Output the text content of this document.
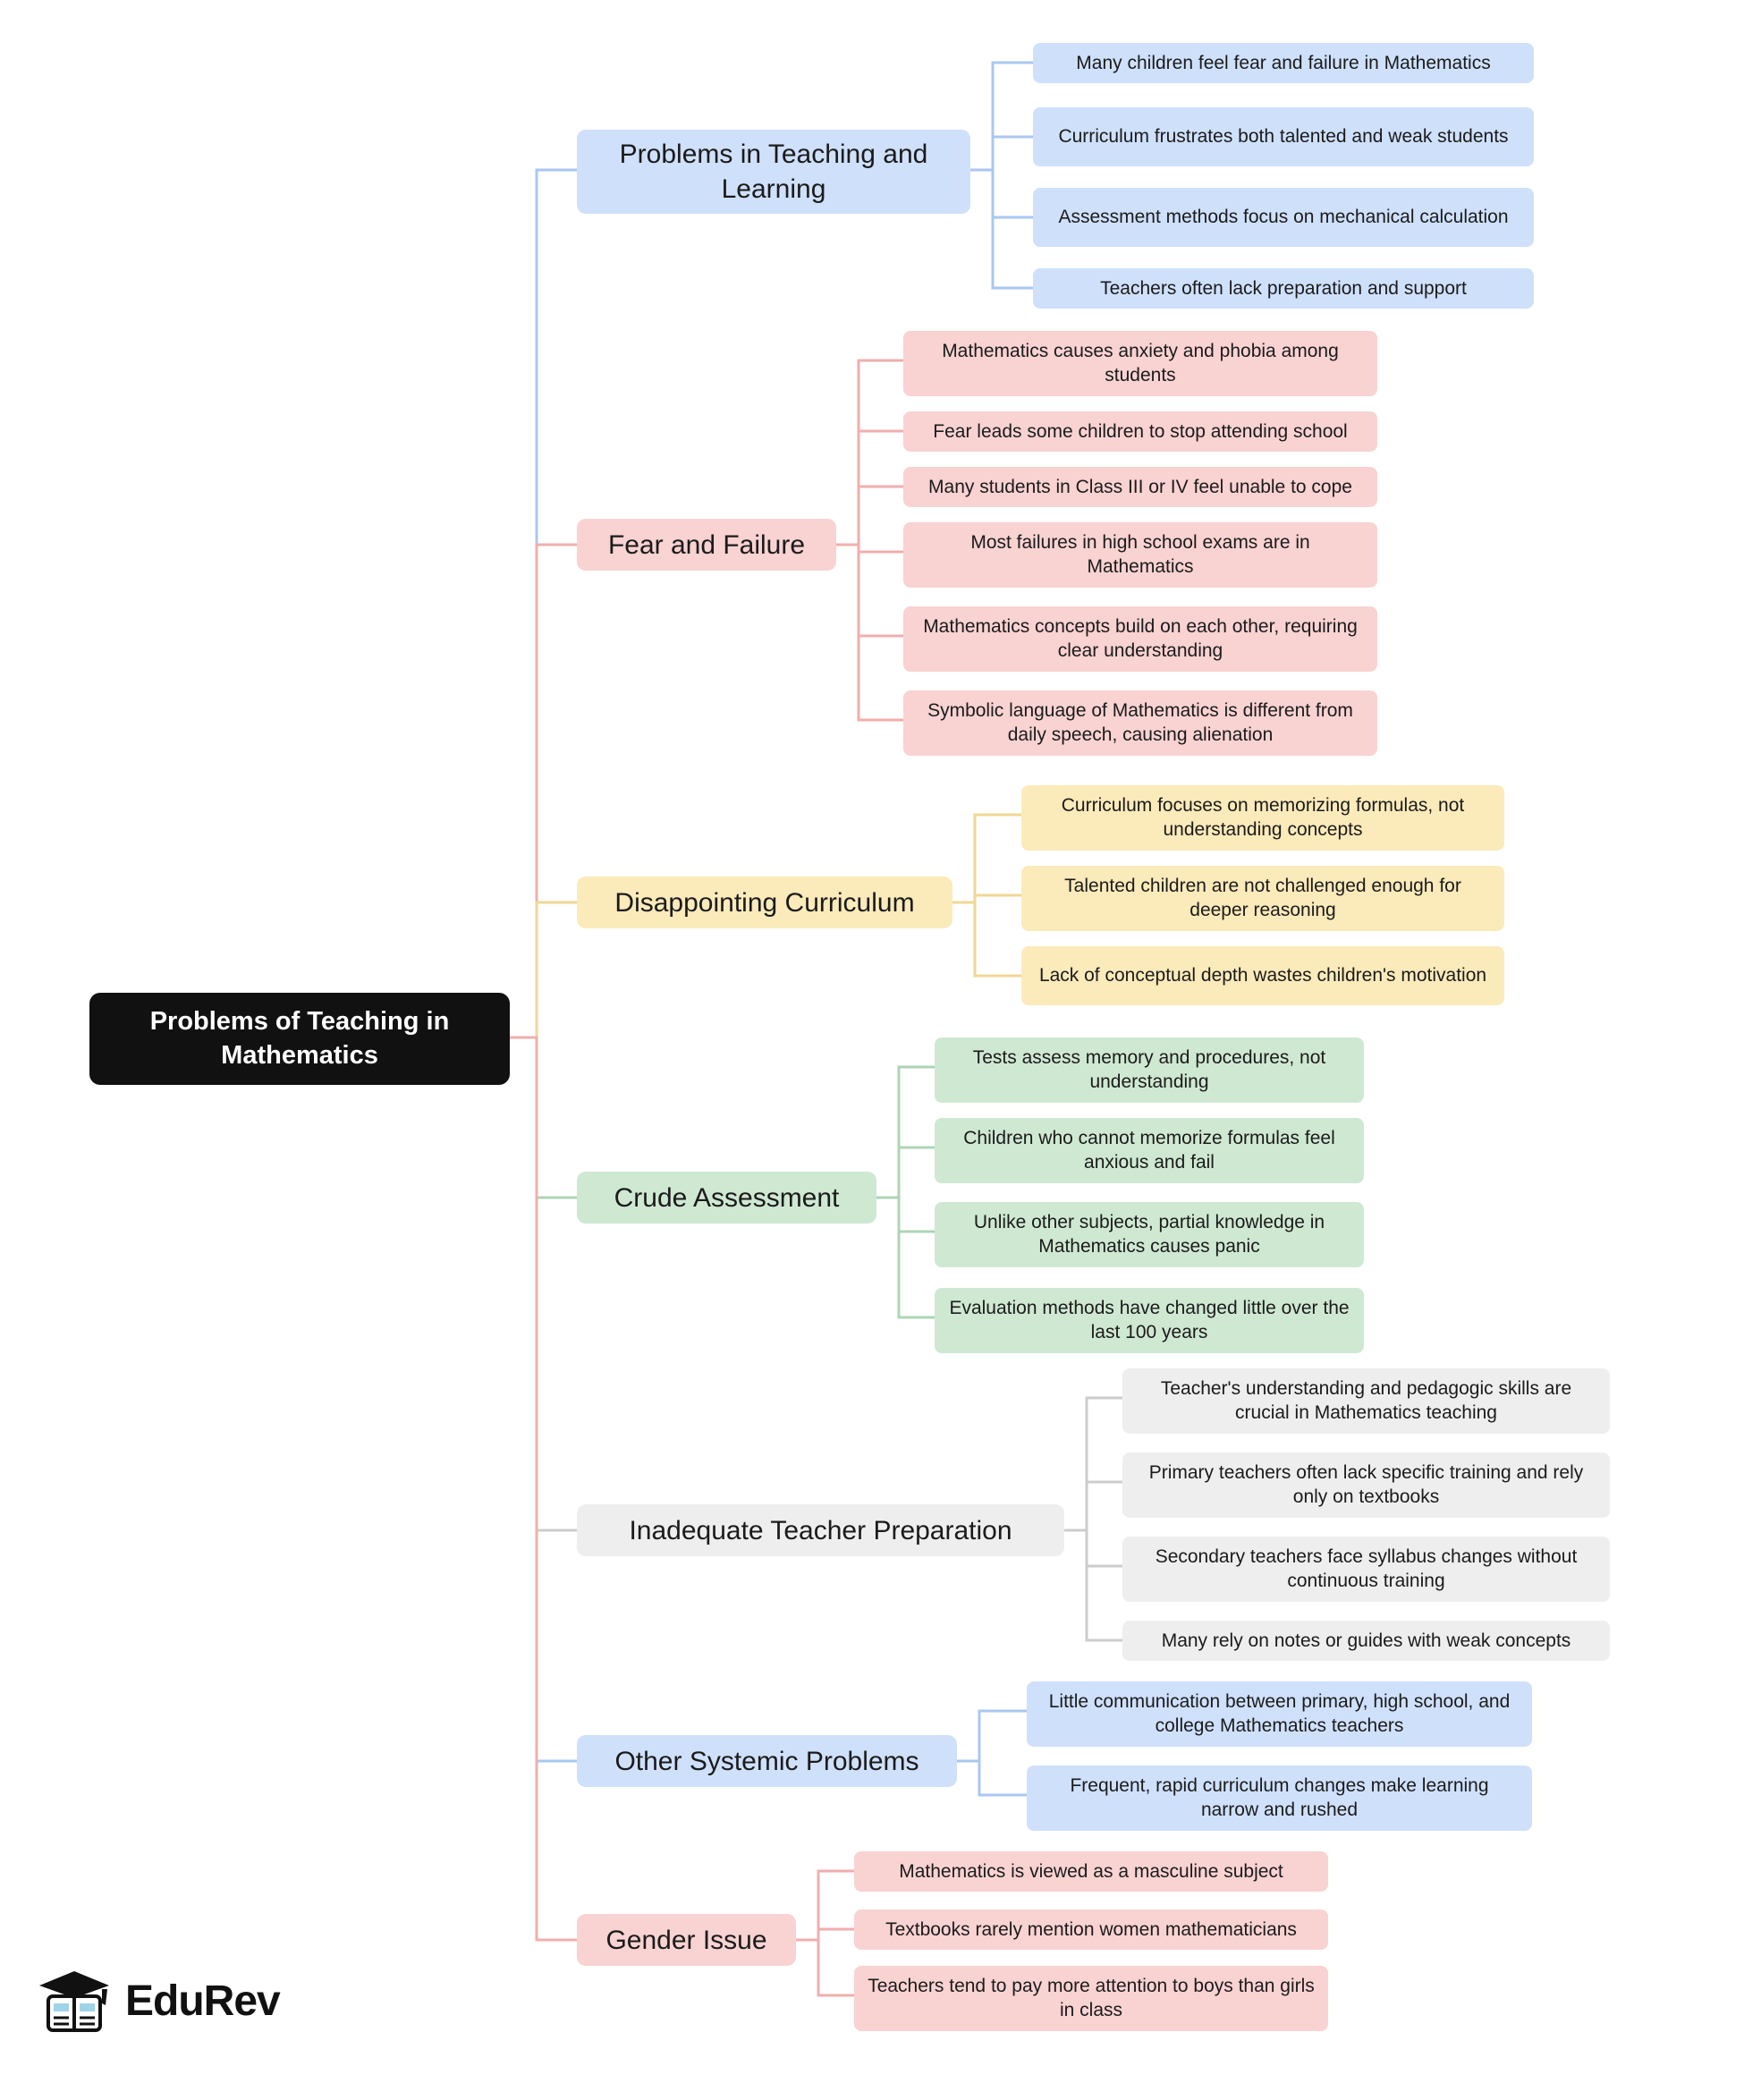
Problems of Teaching in Mathematics
Problems in Teaching and Learning
Many children feel fear and failure in Mathematics
Curriculum frustrates both talented and weak students
Assessment methods focus on mechanical calculation
Teachers often lack preparation and support
Fear and Failure
Mathematics causes anxiety and phobia among students
Fear leads some children to stop attending school
Many students in Class III or IV feel unable to cope
Most failures in high school exams are in Mathematics
Mathematics concepts build on each other, requiring clear understanding
Symbolic language of Mathematics is different from daily speech, causing alienation
Disappointing Curriculum
Curriculum focuses on memorizing formulas, not understanding concepts
Talented children are not challenged enough for deeper reasoning
Lack of conceptual depth wastes children's motivation
Crude Assessment
Tests assess memory and procedures, not understanding
Children who cannot memorize formulas feel anxious and fail
Unlike other subjects, partial knowledge in Mathematics causes panic
Evaluation methods have changed little over the last 100 years
Inadequate Teacher Preparation
Teacher's understanding and pedagogic skills are crucial in Mathematics teaching
Primary teachers often lack specific training and rely only on textbooks
Secondary teachers face syllabus changes without continuous training
Many rely on notes or guides with weak concepts
Other Systemic Problems
Little communication between primary, high school, and college Mathematics teachers
Frequent, rapid curriculum changes make learning narrow and rushed
Gender Issue
Mathematics is viewed as a masculine subject
Textbooks rarely mention women mathematicians
Teachers tend to pay more attention to boys than girls in class
EduRev
